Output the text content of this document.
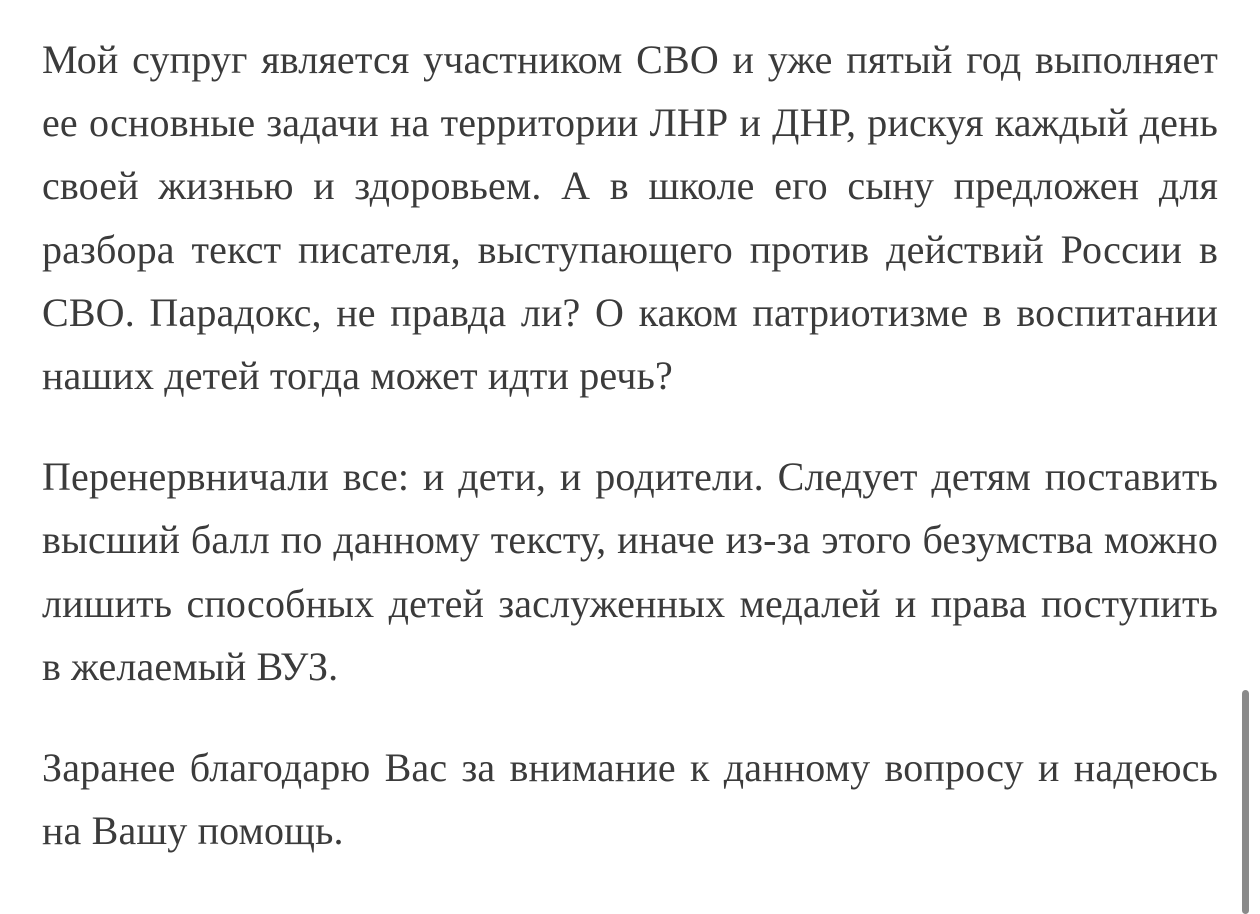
Мой супруг является участником СВО и уже пятый год выполняет ее основные задачи на территории ЛНР и ДНР, рискуя каждый день своей жизнью и здоровьем. А в школе его сыну предложен для разбора текст писателя, выступающего против действий России в СВО. Парадокс, не правда ли? О каком патриотизме в воспитании наших детей тогда может идти речь?

Перенервничали все: и дети, и родители. Следует детям поставить высший балл по данному тексту, иначе из-за этого безумства можно лишить способных детей заслуженных медалей и права поступить в желаемый ВУЗ.

Заранее благодарю Вас за внимание к данному вопросу и надеюсь на Вашу помощь.
